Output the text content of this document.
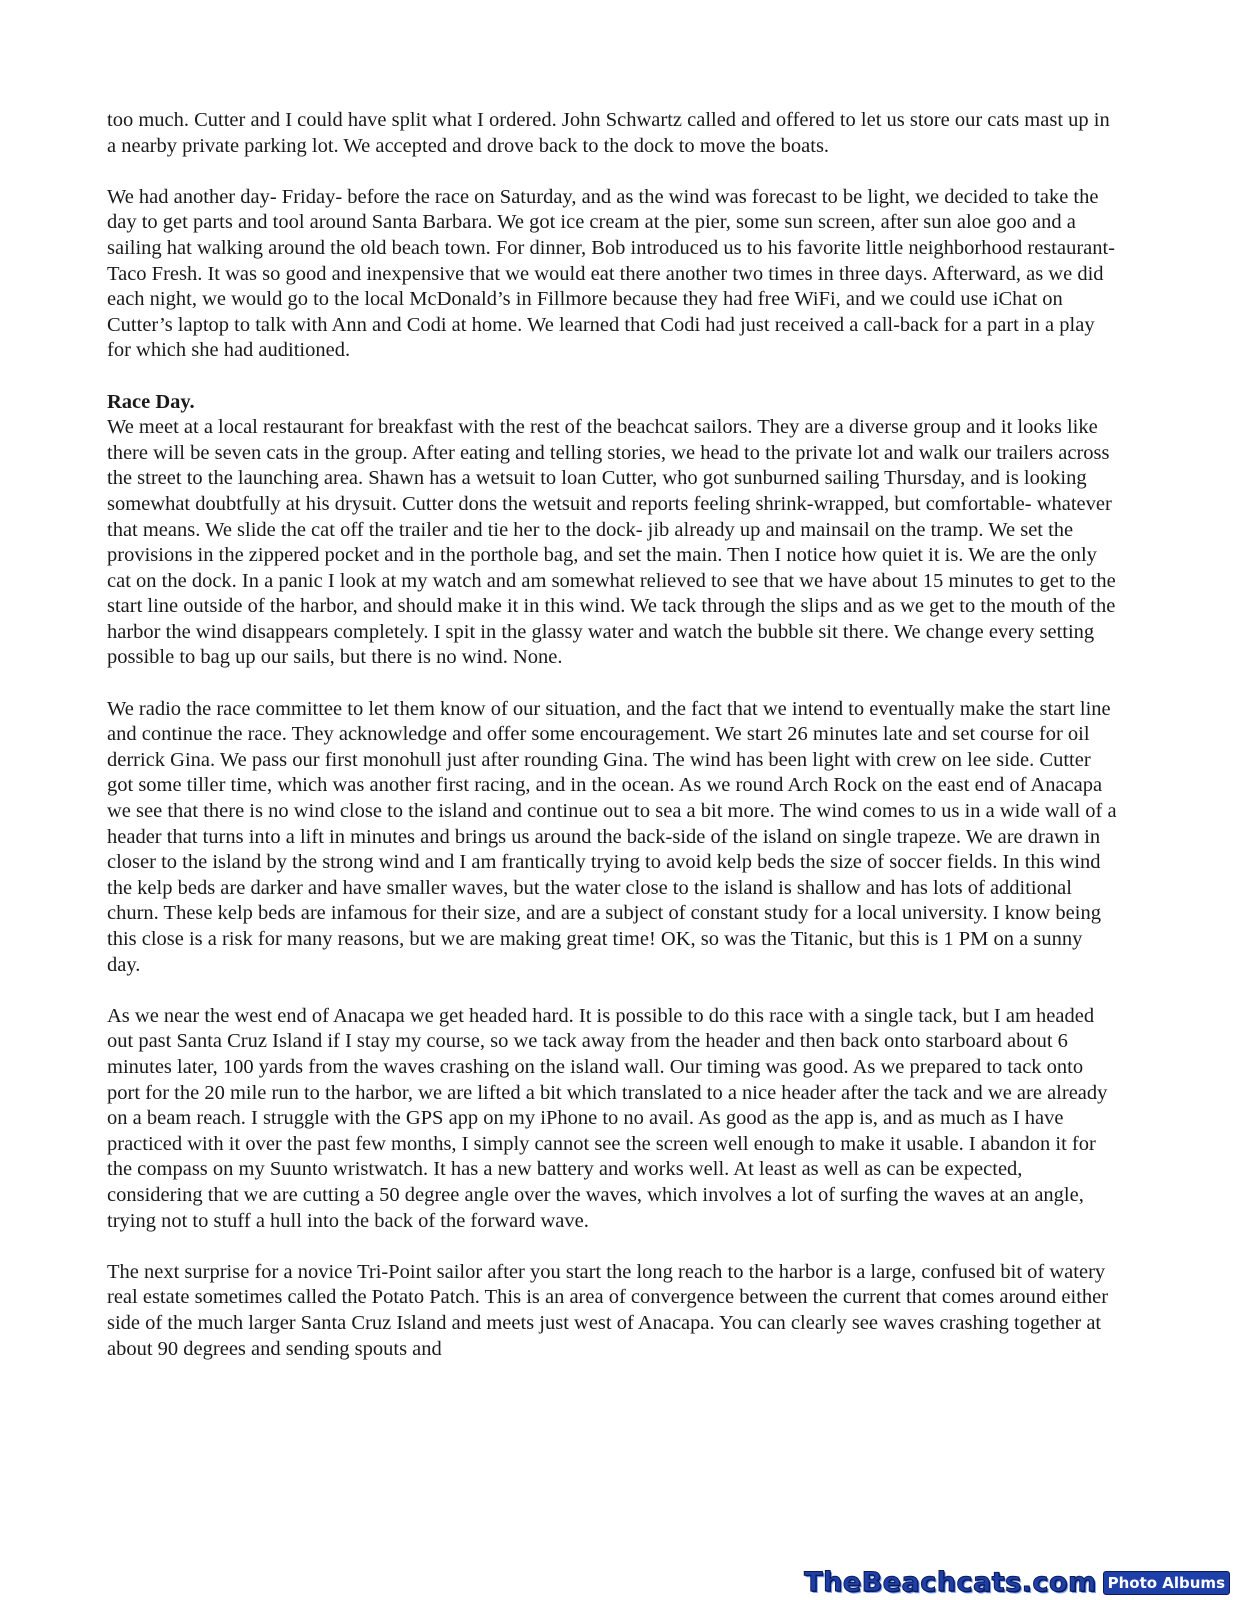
too much. Cutter and I could have split what I ordered. John Schwartz called and offered to let us store our cats mast up in a nearby private parking lot. We accepted and drove back to the dock to move the boats.

We had another day- Friday- before the race on Saturday, and as the wind was forecast to be light, we decided to take the day to get parts and tool around Santa Barbara. We got ice cream at the pier, some sun screen, after sun aloe goo and a sailing hat walking around the old beach town. For dinner, Bob introduced us to his favorite little neighborhood restaurant- Taco Fresh. It was so good and inexpensive that we would eat there another two times in three days. Afterward, as we did each night, we would go to the local McDonald’s in Fillmore because they had free WiFi, and we could use iChat on Cutter’s laptop to talk with Ann and Codi at home. We learned that Codi had just received a call-back for a part in a play for which she had auditioned.

Race Day.

We meet at a local restaurant for breakfast with the rest of the beachcat sailors. They are a diverse group and it looks like there will be seven cats in the group. After eating and telling stories, we head to the private lot and walk our trailers across the street to the launching area. Shawn has a wetsuit to loan Cutter, who got sunburned sailing Thursday, and is looking somewhat doubtfully at his drysuit. Cutter dons the wetsuit and reports feeling shrink-wrapped, but comfortable- whatever that means. We slide the cat off the trailer and tie her to the dock- jib already up and mainsail on the tramp. We set the provisions in the zippered pocket and in the porthole bag, and set the main. Then I notice how quiet it is. We are the only cat on the dock. In a panic I look at my watch and am somewhat relieved to see that we have about 15 minutes to get to the start line outside of the harbor, and should make it in this wind. We tack through the slips and as we get to the mouth of the harbor the wind disappears completely. I spit in the glassy water and watch the bubble sit there. We change every setting possible to bag up our sails, but there is no wind. None.

We radio the race committee to let them know of our situation, and the fact that we intend to eventually make the start line and continue the race. They acknowledge and offer some encouragement. We start 26 minutes late and set course for oil derrick Gina. We pass our first monohull just after rounding Gina. The wind has been light with crew on lee side. Cutter got some tiller time, which was another first racing, and in the ocean. As we round Arch Rock on the east end of Anacapa we see that there is no wind close to the island and continue out to sea a bit more. The wind comes to us in a wide wall of a header that turns into a lift in minutes and brings us around the back-side of the island on single trapeze. We are drawn in closer to the island by the strong wind and I am frantically trying to avoid kelp beds the size of soccer fields. In this wind the kelp beds are darker and have smaller waves, but the water close to the island is shallow and has lots of additional churn. These kelp beds are infamous for their size, and are a subject of constant study for a local university. I know being this close is a risk for many reasons, but we are making great time! OK, so was the Titanic, but this is 1 PM on a sunny day.

As we near the west end of Anacapa we get headed hard. It is possible to do this race with a single tack, but I am headed out past Santa Cruz Island if I stay my course, so we tack away from the header and then back onto starboard about 6 minutes later, 100 yards from the waves crashing on the island wall. Our timing was good. As we prepared to tack onto port for the 20 mile run to the harbor, we are lifted a bit which translated to a nice header after the tack and we are already on a beam reach. I struggle with the GPS app on my iPhone to no avail. As good as the app is, and as much as I have practiced with it over the past few months, I simply cannot see the screen well enough to make it usable. I abandon it for the compass on my Suunto wristwatch. It has a new battery and works well. At least as well as can be expected, considering that we are cutting a 50 degree angle over the waves, which involves a lot of surfing the waves at an angle, trying not to stuff a hull into the back of the forward wave.

The next surprise for a novice Tri-Point sailor after you start the long reach to the harbor is a large, confused bit of watery real estate sometimes called the Potato Patch. This is an area of convergence between the current that comes around either side of the much larger Santa Cruz Island and meets just west of Anacapa. You can clearly see waves crashing together at about 90 degrees and sending spouts and

TheBeachcats.com Photo Albums
